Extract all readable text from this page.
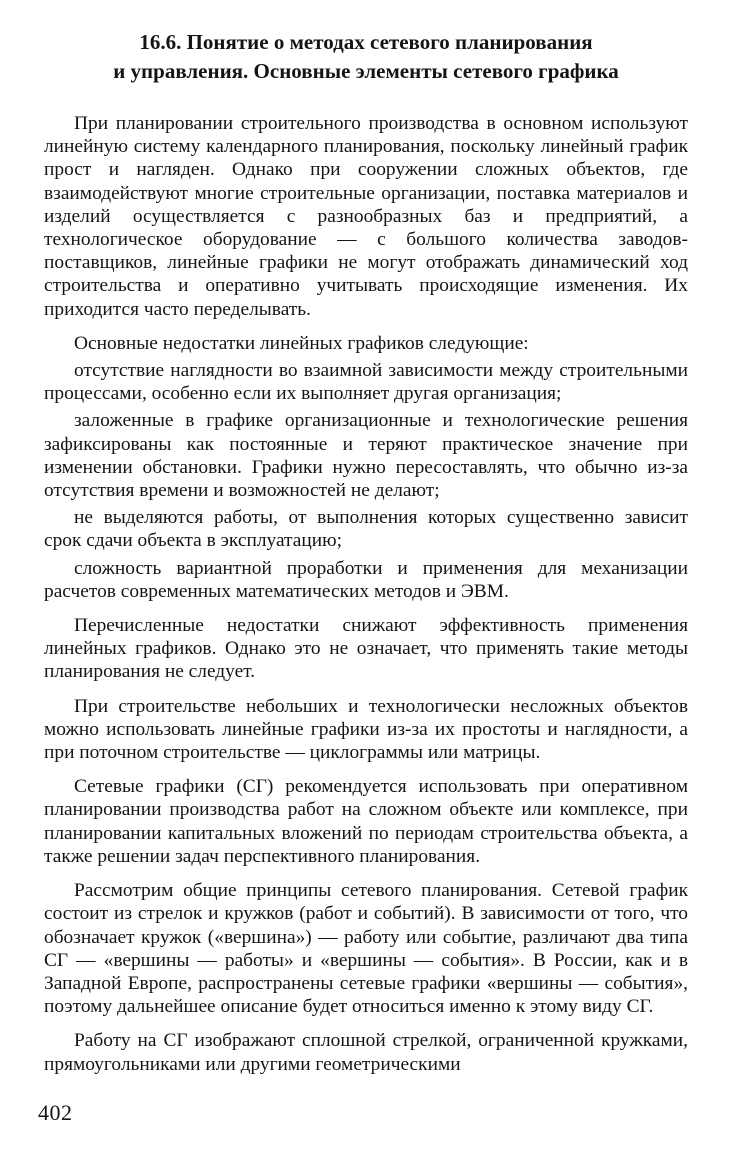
16.6. Понятие о методах сетевого планирования
и управления. Основные элементы сетевого графика

При планировании строительного производства в основном используют линейную систему календарного планирования, поскольку линейный график прост и нагляден. Однако при сооружении сложных объектов, где взаимодействуют многие строительные организации, поставка материалов и изделий осуществляется с разнообразных баз и предприятий, а технологическое оборудование — с большого количества заводов-поставщиков, линейные графики не могут отображать динамический ход строительства и оперативно учитывать происходящие изменения. Их приходится часто переделывать.

Основные недостатки линейных графиков следующие:

отсутствие наглядности во взаимной зависимости между строительными процессами, особенно если их выполняет другая организация;

заложенные в графике организационные и технологические решения зафиксированы как постоянные и теряют практическое значение при изменении обстановки. Графики нужно пересоставлять, что обычно из-за отсутствия времени и возможностей не делают;

не выделяются работы, от выполнения которых существенно зависит срок сдачи объекта в эксплуатацию;

сложность вариантной проработки и применения для механизации расчетов современных математических методов и ЭВМ.

Перечисленные недостатки снижают эффективность применения линейных графиков. Однако это не означает, что применять такие методы планирования не следует.

При строительстве небольших и технологически несложных объектов можно использовать линейные графики из-за их простоты и наглядности, а при поточном строительстве — циклограммы или матрицы.

Сетевые графики (СГ) рекомендуется использовать при оперативном планировании производства работ на сложном объекте или комплексе, при планировании капитальных вложений по периодам строительства объекта, а также решении задач перспективного планирования.

Рассмотрим общие принципы сетевого планирования. Сетевой график состоит из стрелок и кружков (работ и событий). В зависимости от того, что обозначает кружок («вершина») — работу или событие, различают два типа СГ — «вершины — работы» и «вершины — события». В России, как и в Западной Европе, распространены сетевые графики «вершины — события», поэтому дальнейшее описание будет относиться именно к этому виду СГ.

Работу на СГ изображают сплошной стрелкой, ограниченной кружками, прямоугольниками или другими геометрическими

402
